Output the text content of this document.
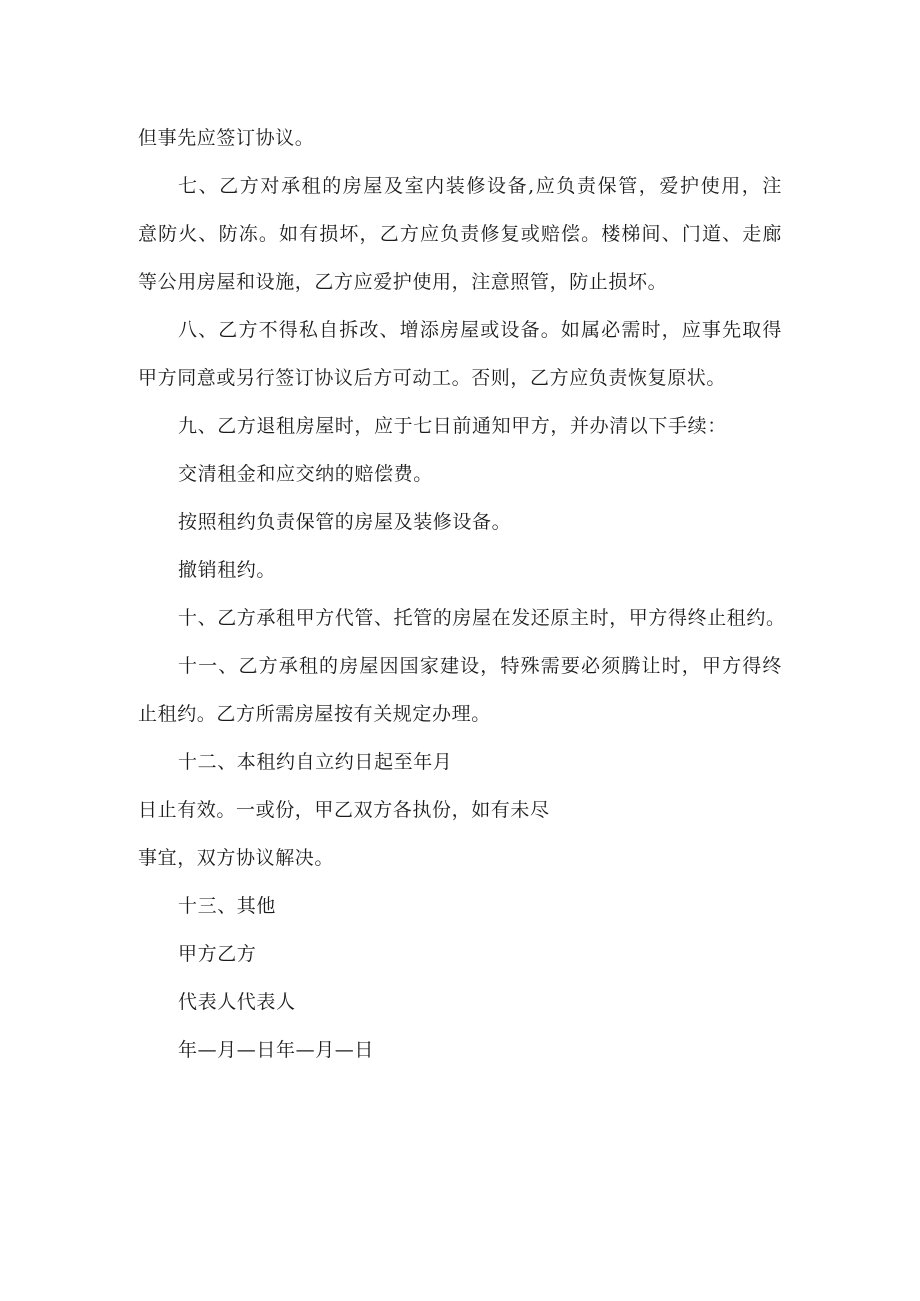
但事先应签订协议。
七、乙方对承租的房屋及室内装修设备,应负责保管，爱护使用，注
意防火、防冻。如有损坏，乙方应负责修复或赔偿。楼梯间、门道、走廊
等公用房屋和设施，乙方应爱护使用，注意照管，防止损坏。
八、乙方不得私自拆改、增添房屋或设备。如属必需时，应事先取得
甲方同意或另行签订协议后方可动工。否则，乙方应负责恢复原状。
九、乙方退租房屋时，应于七日前通知甲方，并办清以下手续：
交清租金和应交纳的赔偿费。
按照租约负责保管的房屋及装修设备。
撤销租约。
十、乙方承租甲方代管、托管的房屋在发还原主时，甲方得终止租约。
十一、乙方承租的房屋因国家建设，特殊需要必须腾让时，甲方得终
止租约。乙方所需房屋按有关规定办理。
十二、本租约自立约日起至年月
日止有效。一或份，甲乙双方各执份，如有未尽
事宜，双方协议解决。
十三、其他
甲方乙方
代表人代表人
年—月—日年—月—日
